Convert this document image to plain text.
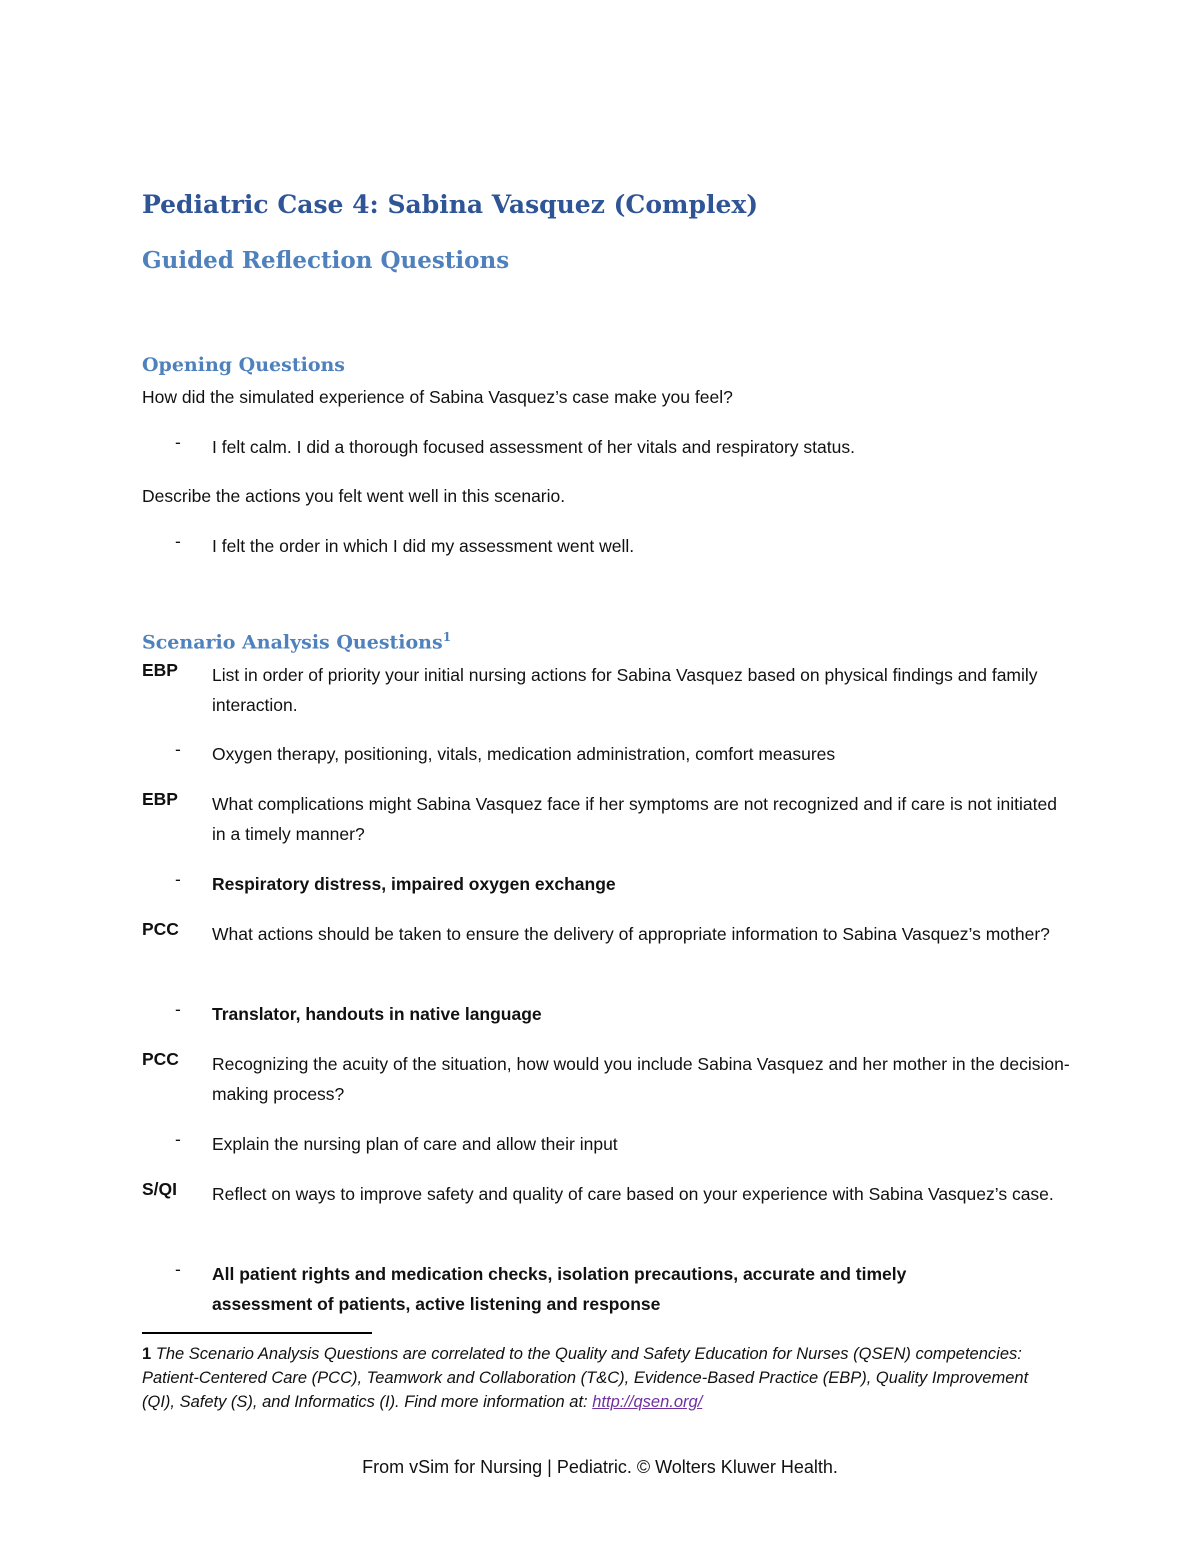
Pediatric Case 4: Sabina Vasquez (Complex)
Guided Reflection Questions
Opening Questions
How did the simulated experience of Sabina Vasquez’s case make you feel?
- I felt calm. I did a thorough focused assessment of her vitals and respiratory status.
Describe the actions you felt went well in this scenario.
- I felt the order in which I did my assessment went well.
Scenario Analysis Questions$^1$
EBP List in order of priority your initial nursing actions for Sabina Vasquez based on physical findings and family interaction.
- Oxygen therapy, positioning, vitals, medication administration, comfort measures
EBP What complications might Sabina Vasquez face if her symptoms are not recognized and if care is not initiated in a timely manner?
- Respiratory distress, impaired oxygen exchange
PCC What actions should be taken to ensure the delivery of appropriate information to Sabina Vasquez’s mother?
- Translator, handouts in native language
PCC Recognizing the acuity of the situation, how would you include Sabina Vasquez and her mother in the decision-making process?
- Explain the nursing plan of care and allow their input
S/QI Reflect on ways to improve safety and quality of care based on your experience with Sabina Vasquez’s case.
- All patient rights and medication checks, isolation precautions, accurate and timely assessment of patients, active listening and response
1 The Scenario Analysis Questions are correlated to the Quality and Safety Education for Nurses (QSEN) competencies: Patient-Centered Care (PCC), Teamwork and Collaboration (T&C), Evidence-Based Practice (EBP), Quality Improvement (QI), Safety (S), and Informatics (I). Find more information at: http://qsen.org/
From vSim for Nursing | Pediatric. © Wolters Kluwer Health.
